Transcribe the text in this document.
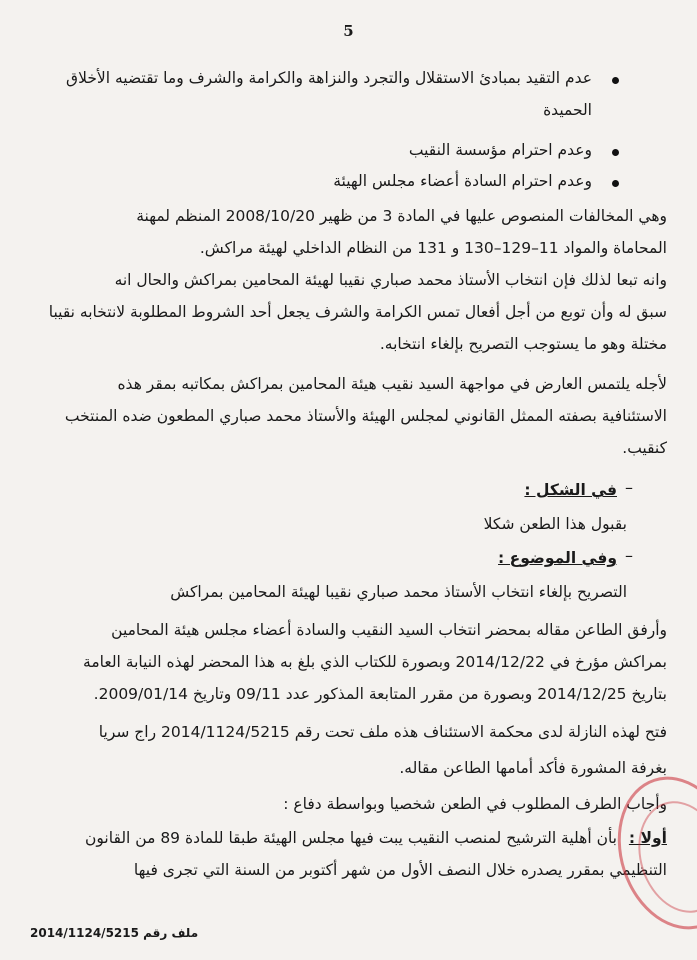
5
عدم التقيد بمبادئ الاستقلال والتجرد والنزاهة والكرامة والشرف وما تقتضيه الأخلاق
الحميدة
وعدم احترام مؤسسة النقيب
وعدم احترام السادة أعضاء مجلس الهيئة
وهي المخالفات المنصوص عليها في المادة 3 من ظهير 2008/10/20 المنظم لمهنة
المحاماة والمواد 11–129–130 و 131 من النظام الداخلي لهيئة مراكش.
وانه تبعا لذلك فإن انتخاب الأستاذ محمد صباري نقيبا لهيئة المحامين بمراكش والحال انه
سبق له وأن توبع من أجل أفعال تمس الكرامة والشرف يجعل أحد الشروط المطلوبة لانتخابه نقيبا
مختلة وهو ما يستوجب التصريح بإلغاء انتخابه.
لأجله يلتمس العارض في مواجهة السيد نقيب هيئة المحامين بمراكش بمكاتبه بمقر هذه
الاستئنافية بصفته الممثل القانوني لمجلس الهيئة والأستاذ محمد صباري المطعون ضده المنتخب
كنقيب.
–
في الشكل :
بقبول هذا الطعن شكلا
–
وفي الموضوع :
التصريح بإلغاء انتخاب الأستاذ محمد صباري نقيبا لهيئة المحامين بمراكش
وأرفق الطاعن مقاله بمحضر انتخاب السيد النقيب والسادة أعضاء مجلس هيئة المحامين
بمراكش مؤرخ في 2014/12/22 وبصورة للكتاب الذي بلغ به هذا المحضر لهذه النيابة العامة
بتاريخ 2014/12/25 وبصورة من مقرر المتابعة المذكور عدد 09/11 وتاريخ 2009/01/14.
فتح لهذه النازلة لدى محكمة الاستئناف هذه ملف تحت رقم 2014/1124/5215 راج سريا
بغرفة المشورة فأكد أمامها الطاعن مقاله.
وأجاب الطرف المطلوب في الطعن شخصيا وبواسطة دفاع :
أولا :
بأن أهلية الترشيح لمنصب النقيب يبت فيها مجلس الهيئة طبقا للمادة 89 من القانون
التنظيمي بمقرر يصدره خلال النصف الأول من شهر أكتوبر من السنة التي تجرى فيها
ملف رقم 2014/1124/5215
